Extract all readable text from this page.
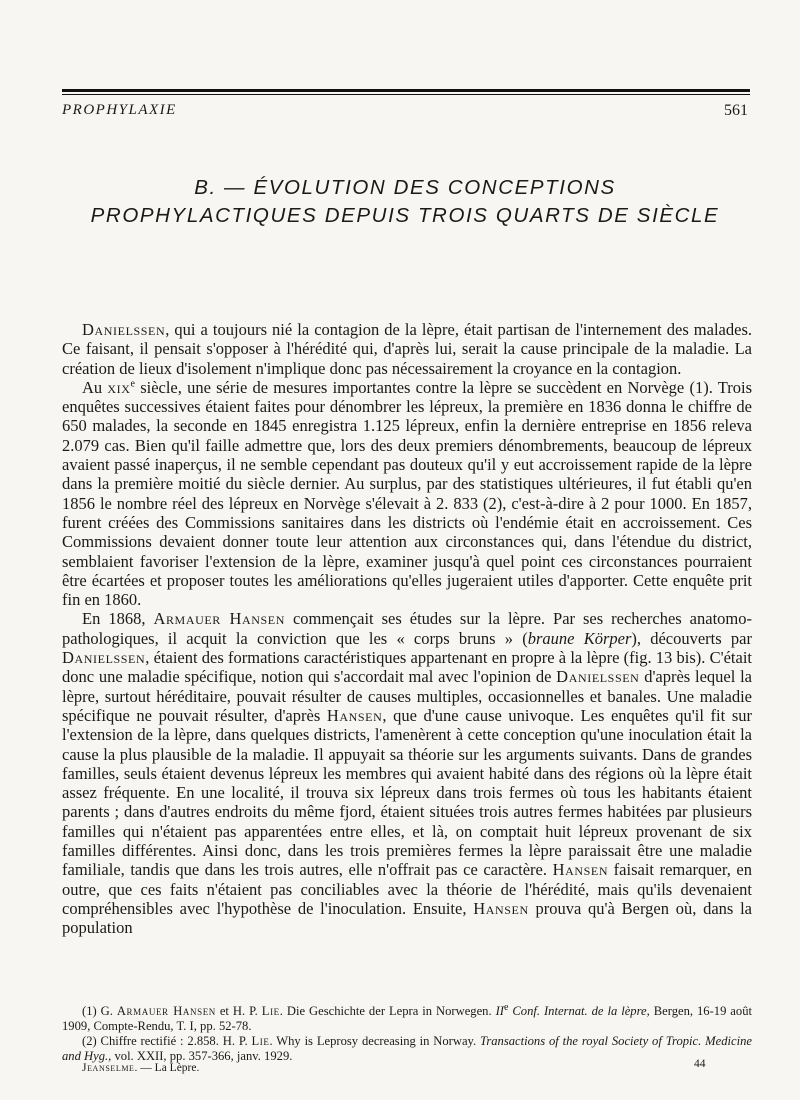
PROPHYLAXIE	561
B. — ÉVOLUTION DES CONCEPTIONS
PROPHYLACTIQUES DEPUIS TROIS QUARTS DE SIÈCLE

Danielssen, qui a toujours nié la contagion de la lèpre, était partisan de l'internement des malades. Ce faisant, il pensait s'opposer à l'hérédité qui, d'après lui, serait la cause principale de la maladie. La création de lieux d'isolement n'implique donc pas nécessairement la croyance en la contagion.

Au xix$^e$ siècle, une série de mesures importantes contre la lèpre se succèdent en Norvège (1). Trois enquêtes successives étaient faites pour dénombrer les lépreux, la première en 1836 donna le chiffre de 650 malades, la seconde en 1845 enregistra 1.125 lépreux, enfin la dernière entreprise en 1856 releva 2.079 cas. Bien qu'il faille admettre que, lors des deux premiers dénombrements, beaucoup de lépreux avaient passé inaperçus, il ne semble cependant pas douteux qu'il y eut accroissement rapide de la lèpre dans la première moitié du siècle dernier. Au surplus, par des statistiques ultérieures, il fut établi qu'en 1856 le nombre réel des lépreux en Norvège s'élevait à 2. 833 (2), c'est-à-dire à 2 pour 1000. En 1857, furent créées des Commissions sanitaires dans les districts où l'endémie était en accroissement. Ces Commissions devaient donner toute leur attention aux circonstances qui, dans l'étendue du district, semblaient favoriser l'extension de la lèpre, examiner jusqu'à quel point ces circonstances pourraient être écartées et proposer toutes les améliorations qu'elles jugeraient utiles d'apporter. Cette enquête prit fin en 1860.

En 1868, Armauer Hansen commençait ses études sur la lèpre. Par ses recherches anatomo-pathologiques, il acquit la conviction que les « corps bruns » (braune Körper), découverts par Danielssen, étaient des formations caractéristiques appartenant en propre à la lèpre (fig. 13 bis). C'était donc une maladie spécifique, notion qui s'accordait mal avec l'opinion de Danielssen d'après lequel la lèpre, surtout héréditaire, pouvait résulter de causes multiples, occasionnelles et banales. Une maladie spécifique ne pouvait résulter, d'après Hansen, que d'une cause univoque. Les enquêtes qu'il fit sur l'extension de la lèpre, dans quelques districts, l'amenèrent à cette conception qu'une inoculation était la cause la plus plausible de la maladie. Il appuyait sa théorie sur les arguments suivants. Dans de grandes familles, seuls étaient devenus lépreux les membres qui avaient habité dans des régions où la lèpre était assez fréquente. En une localité, il trouva six lépreux dans trois fermes où tous les habitants étaient parents ; dans d'autres endroits du même fjord, étaient situées trois autres fermes habitées par plusieurs familles qui n'étaient pas apparentées entre elles, et là, on comptait huit lépreux provenant de six familles différentes. Ainsi donc, dans les trois premières fermes la lèpre paraissait être une maladie familiale, tandis que dans les trois autres, elle n'offrait pas ce caractère. Hansen faisait remarquer, en outre, que ces faits n'étaient pas conciliables avec la théorie de l'hérédité, mais qu'ils devenaient compréhensibles avec l'hypothèse de l'inoculation. Ensuite, Hansen prouva qu'à Bergen où, dans la population

(1) G. Armauer Hansen et H. P. Lie. Die Geschichte der Lepra in Norwegen. IIe Conf. Internat. de la lèpre, Bergen, 16-19 août 1909, Compte-Rendu, T. I, pp. 52-78.

(2) Chiffre rectifié : 2.858. H. P. Lie. Why is Leprosy decreasing in Norway. Transactions of the royal Society of Tropic. Medicine and Hyg., vol. XXII, pp. 357-366, janv. 1929.

Jeanselme. — La Lèpre.	44
